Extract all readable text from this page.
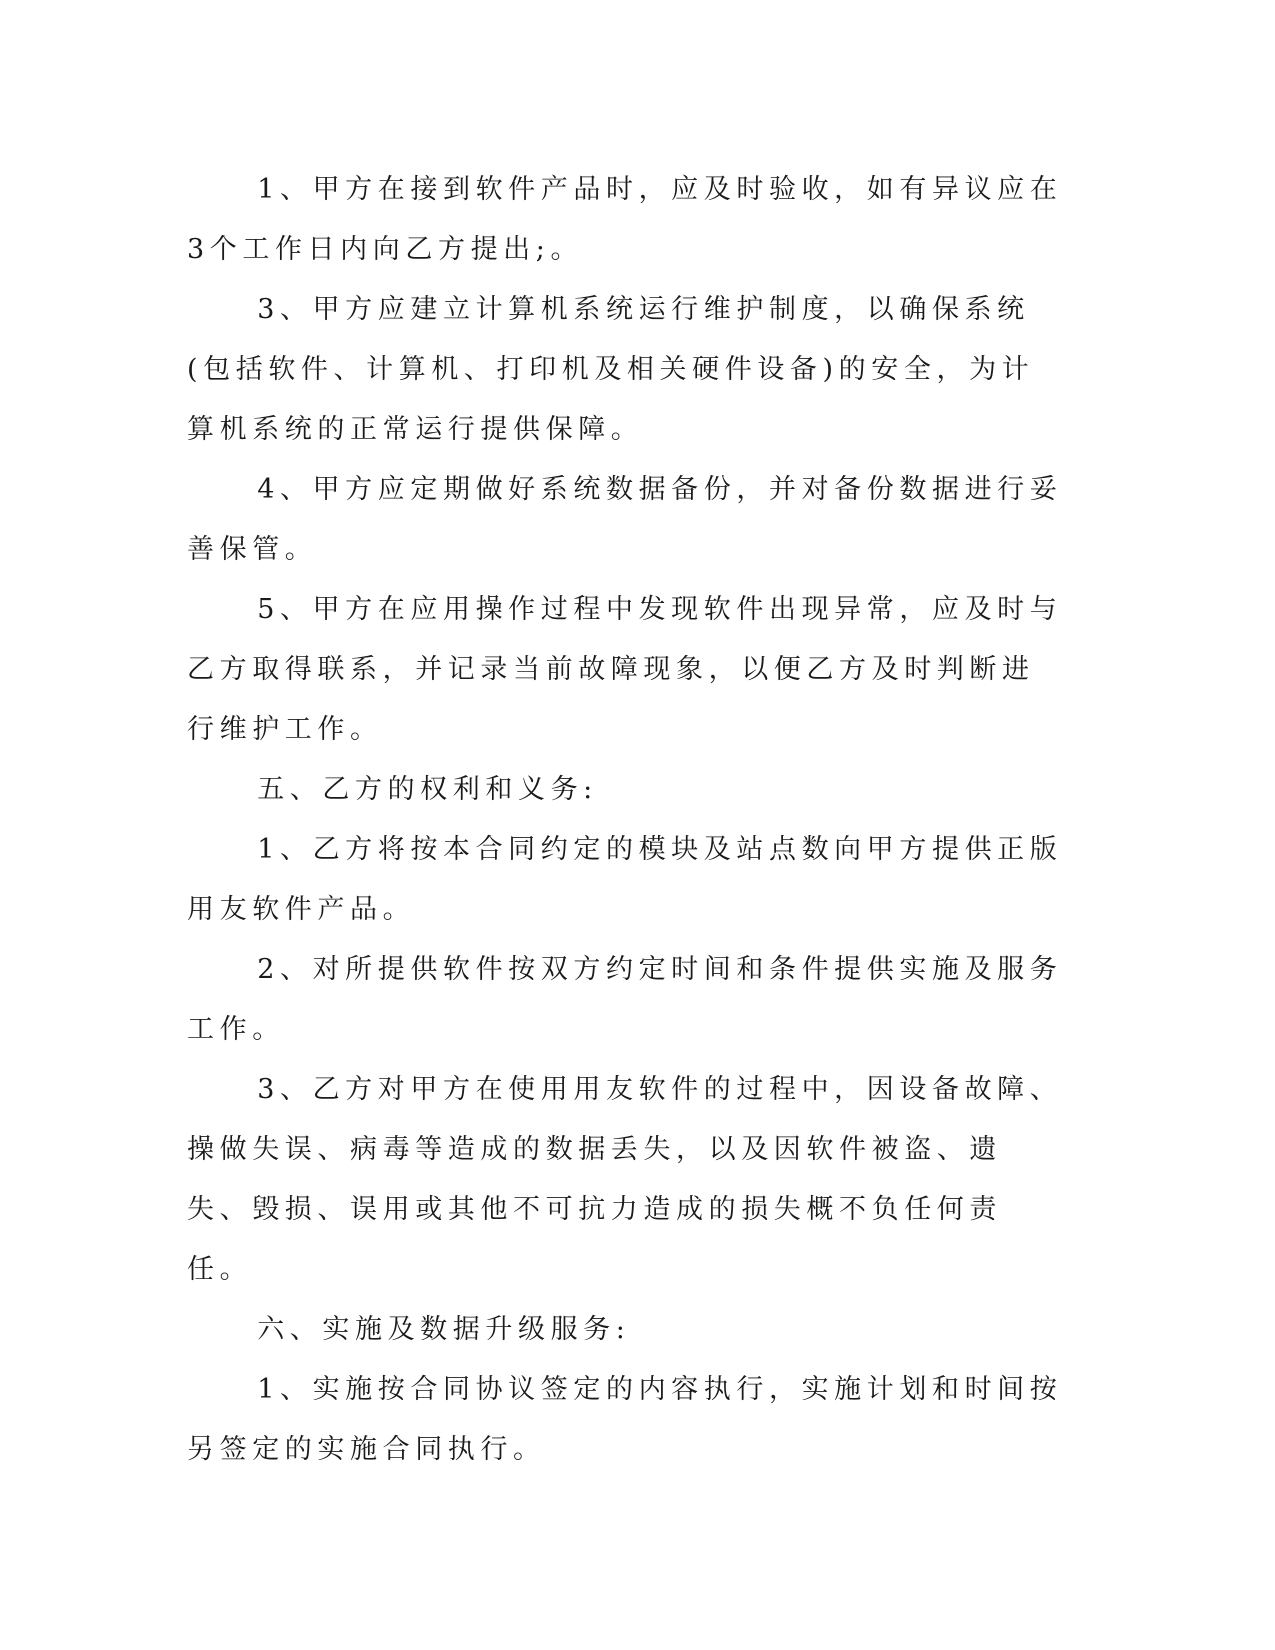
1、甲方在接到软件产品时，应及时验收，如有异议应在3个工作日内向乙方提出;。

3、甲方应建立计算机系统运行维护制度，以确保系统(包括软件、计算机、打印机及相关硬件设备)的安全，为计算机系统的正常运行提供保障。

4、甲方应定期做好系统数据备份，并对备份数据进行妥善保管。

5、甲方在应用操作过程中发现软件出现异常，应及时与乙方取得联系，并记录当前故障现象，以便乙方及时判断进行维护工作。

五、乙方的权利和义务:

1、乙方将按本合同约定的模块及站点数向甲方提供正版用友软件产品。

2、对所提供软件按双方约定时间和条件提供实施及服务工作。

3、乙方对甲方在使用用友软件的过程中，因设备故障、操做失误、病毒等造成的数据丢失，以及因软件被盗、遗失、毁损、误用或其他不可抗力造成的损失概不负任何责任。

六、实施及数据升级服务:

1、实施按合同协议签定的内容执行，实施计划和时间按另签定的实施合同执行。
